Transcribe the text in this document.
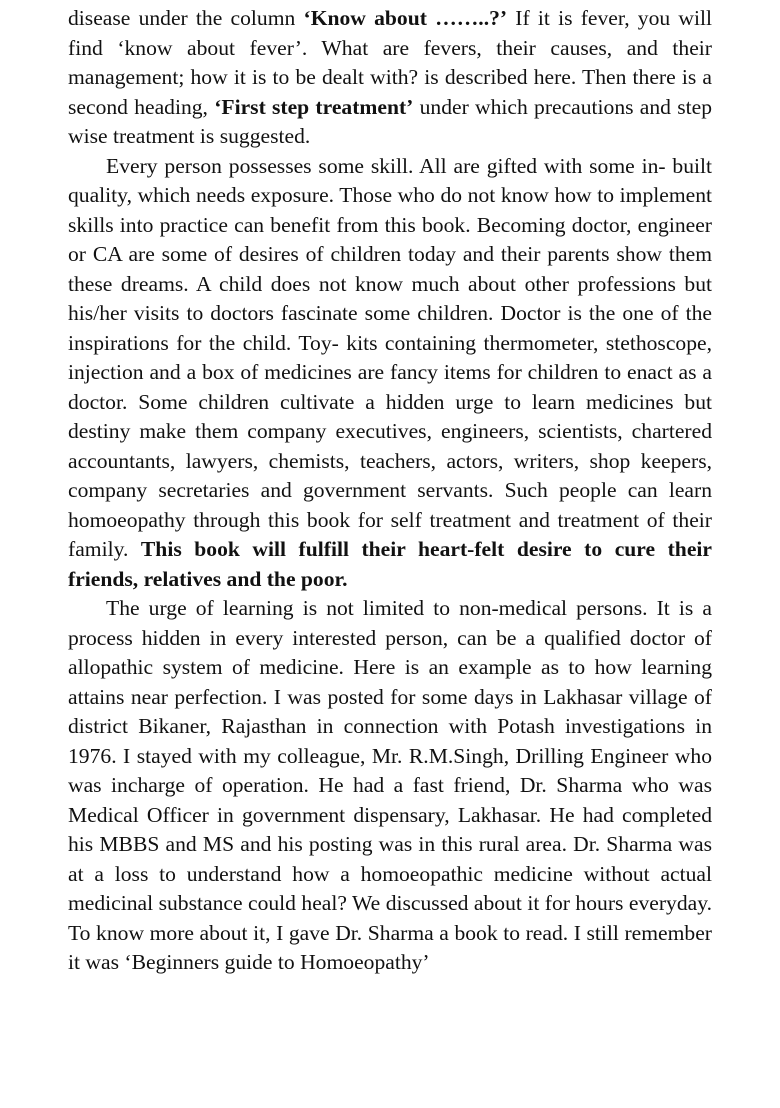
disease under the column ‘Know about ……..?’ If it is fever, you will find ‘know about fever’. What are fevers, their causes, and their management; how it is to be dealt with? is described here. Then there is a second heading, ‘First step treatment’ under which precautions and step wise treatment is suggested.

Every person possesses some skill. All are gifted with some in- built quality, which needs exposure. Those who do not know how to implement skills into practice can benefit from this book. Becoming doctor, engineer or CA are some of desires of children today and their parents show them these dreams. A child does not know much about other professions but his/her visits to doctors fascinate some children. Doctor is the one of the inspirations for the child. Toy- kits containing thermometer, stethoscope, injection and a box of medicines are fancy items for children to enact as a doctor. Some children cultivate a hidden urge to learn medicines but destiny make them company executives, engineers, scientists, chartered accountants, lawyers, chemists, teachers, actors, writers, shop keepers, company secretaries and government servants. Such people can learn homoeopathy through this book for self treatment and treatment of their family. This book will fulfill their heart-felt desire to cure their friends, relatives and the poor.

The urge of learning is not limited to non-medical persons. It is a process hidden in every interested person, can be a qualified doctor of allopathic system of medicine. Here is an example as to how learning attains near perfection. I was posted for some days in Lakhasar village of district Bikaner, Rajasthan in connection with Potash investigations in 1976. I stayed with my colleague, Mr. R.M.Singh, Drilling Engineer who was incharge of operation. He had a fast friend, Dr. Sharma who was Medical Officer in government dispensary, Lakhasar. He had completed his MBBS and MS and his posting was in this rural area. Dr. Sharma was at a loss to understand how a homoeopathic medicine without actual medicinal substance could heal? We discussed about it for hours everyday. To know more about it, I gave Dr. Sharma a book to read. I still remember it was ‘Beginners guide to Homoeopathy’
